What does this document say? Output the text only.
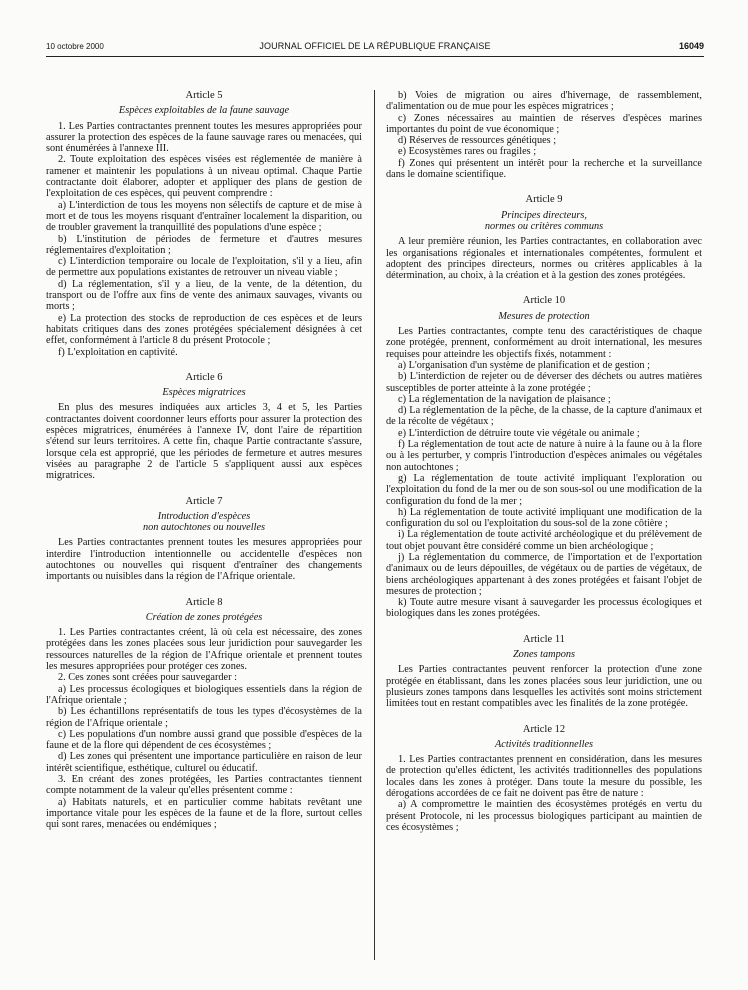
10 octobre 2000	JOURNAL OFFICIEL DE LA RÉPUBLIQUE FRANÇAISE	16049

Article 5

Espèces exploitables de la faune sauvage

1. Les Parties contractantes prennent toutes les mesures appropriées pour assurer la protection des espèces de la faune sauvage rares ou menacées, qui sont énumérées à l'annexe III.

2. Toute exploitation des espèces visées est réglementée de manière à ramener et maintenir les populations à un niveau optimal. Chaque Partie contractante doit élaborer, adopter et appliquer des plans de gestion de l'exploitation de ces espèces, qui peuvent comprendre :

a) L'interdiction de tous les moyens non sélectifs de capture et de mise à mort et de tous les moyens risquant d'entraîner localement la disparition, ou de troubler gravement la tranquillité des populations d'une espèce ;

b) L'institution de périodes de fermeture et d'autres mesures réglementaires d'exploitation ;

c) L'interdiction temporaire ou locale de l'exploitation, s'il y a lieu, afin de permettre aux populations existantes de retrouver un niveau viable ;

d) La réglementation, s'il y a lieu, de la vente, de la détention, du transport ou de l'offre aux fins de vente des animaux sauvages, vivants ou morts ;

e) La protection des stocks de reproduction de ces espèces et de leurs habitats critiques dans des zones protégées spécialement désignées à cet effet, conformément à l'article 8 du présent Protocole ;

f) L'exploitation en captivité.

Article 6

Espèces migratrices

En plus des mesures indiquées aux articles 3, 4 et 5, les Parties contractantes doivent coordonner leurs efforts pour assurer la protection des espèces migratrices, énumérées à l'annexe IV, dont l'aire de répartition s'étend sur leurs territoires. A cette fin, chaque Partie contractante s'assure, lorsque cela est approprié, que les périodes de fermeture et autres mesures visées au paragraphe 2 de l'article 5 s'appliquent aussi aux espèces migratrices.

Article 7

Introduction d'espèces
non autochtones ou nouvelles

Les Parties contractantes prennent toutes les mesures appropriées pour interdire l'introduction intentionnelle ou accidentelle d'espèces non autochtones ou nouvelles qui risquent d'entraîner des changements importants ou nuisibles dans la région de l'Afrique orientale.

Article 8

Création de zones protégées

1. Les Parties contractantes créent, là où cela est nécessaire, des zones protégées dans les zones placées sous leur juridiction pour sauvegarder les ressources naturelles de la région de l'Afrique orientale et prennent toutes les mesures appropriées pour protéger ces zones.

2. Ces zones sont créées pour sauvegarder :

a) Les processus écologiques et biologiques essentiels dans la région de l'Afrique orientale ;

b) Les échantillons représentatifs de tous les types d'écosystèmes de la région de l'Afrique orientale ;

c) Les populations d'un nombre aussi grand que possible d'espèces de la faune et de la flore qui dépendent de ces écosystèmes ;

d) Les zones qui présentent une importance particulière en raison de leur intérêt scientifique, esthétique, culturel ou éducatif.

3. En créant des zones protégées, les Parties contractantes tiennent compte notamment de la valeur qu'elles présentent comme :

a) Habitats naturels, et en particulier comme habitats revêtant une importance vitale pour les espèces de la faune et de la flore, surtout celles qui sont rares, menacées ou endémiques ;

b) Voies de migration ou aires d'hivernage, de rassemblement, d'alimentation ou de mue pour les espèces migratrices ;

c) Zones nécessaires au maintien de réserves d'espèces marines importantes du point de vue économique ;

d) Réserves de ressources génétiques ;

e) Ecosystèmes rares ou fragiles ;

f) Zones qui présentent un intérêt pour la recherche et la surveillance dans le domaine scientifique.

Article 9

Principes directeurs,
normes ou critères communs

A leur première réunion, les Parties contractantes, en collaboration avec les organisations régionales et internationales compétentes, formulent et adoptent des principes directeurs, normes ou critères applicables à la détermination, au choix, à la création et à la gestion des zones protégées.

Article 10

Mesures de protection

Les Parties contractantes, compte tenu des caractéristiques de chaque zone protégée, prennent, conformément au droit international, les mesures requises pour atteindre les objectifs fixés, notamment :

a) L'organisation d'un système de planification et de gestion ;

b) L'interdiction de rejeter ou de déverser des déchets ou autres matières susceptibles de porter atteinte à la zone protégée ;

c) La réglementation de la navigation de plaisance ;

d) La réglementation de la pêche, de la chasse, de la capture d'animaux et de la récolte de végétaux ;

e) L'interdiction de détruire toute vie végétale ou animale ;

f) La réglementation de tout acte de nature à nuire à la faune ou à la flore ou à les perturber, y compris l'introduction d'espèces animales ou végétales non autochtones ;

g) La réglementation de toute activité impliquant l'exploration ou l'exploitation du fond de la mer ou de son sous-sol ou une modification de la configuration du fond de la mer ;

h) La réglementation de toute activité impliquant une modification de la configuration du sol ou l'exploitation du sous-sol de la zone côtière ;

i) La réglementation de toute activité archéologique et du prélèvement de tout objet pouvant être considéré comme un bien archéologique ;

j) La réglementation du commerce, de l'importation et de l'exportation d'animaux ou de leurs dépouilles, de végétaux ou de parties de végétaux, de biens archéologiques appartenant à des zones protégées et faisant l'objet de mesures de protection ;

k) Toute autre mesure visant à sauvegarder les processus écologiques et biologiques dans les zones protégées.

Article 11

Zones tampons

Les Parties contractantes peuvent renforcer la protection d'une zone protégée en établissant, dans les zones placées sous leur juridiction, une ou plusieurs zones tampons dans lesquelles les activités sont moins strictement limitées tout en restant compatibles avec les finalités de la zone protégée.

Article 12

Activités traditionnelles

1. Les Parties contractantes prennent en considération, dans les mesures de protection qu'elles édictent, les activités traditionnelles des populations locales dans les zones à protéger. Dans toute la mesure du possible, les dérogations accordées de ce fait ne doivent pas être de nature :

a) A compromettre le maintien des écosystèmes protégés en vertu du présent Protocole, ni les processus biologiques participant au maintien de ces écosystèmes ;
